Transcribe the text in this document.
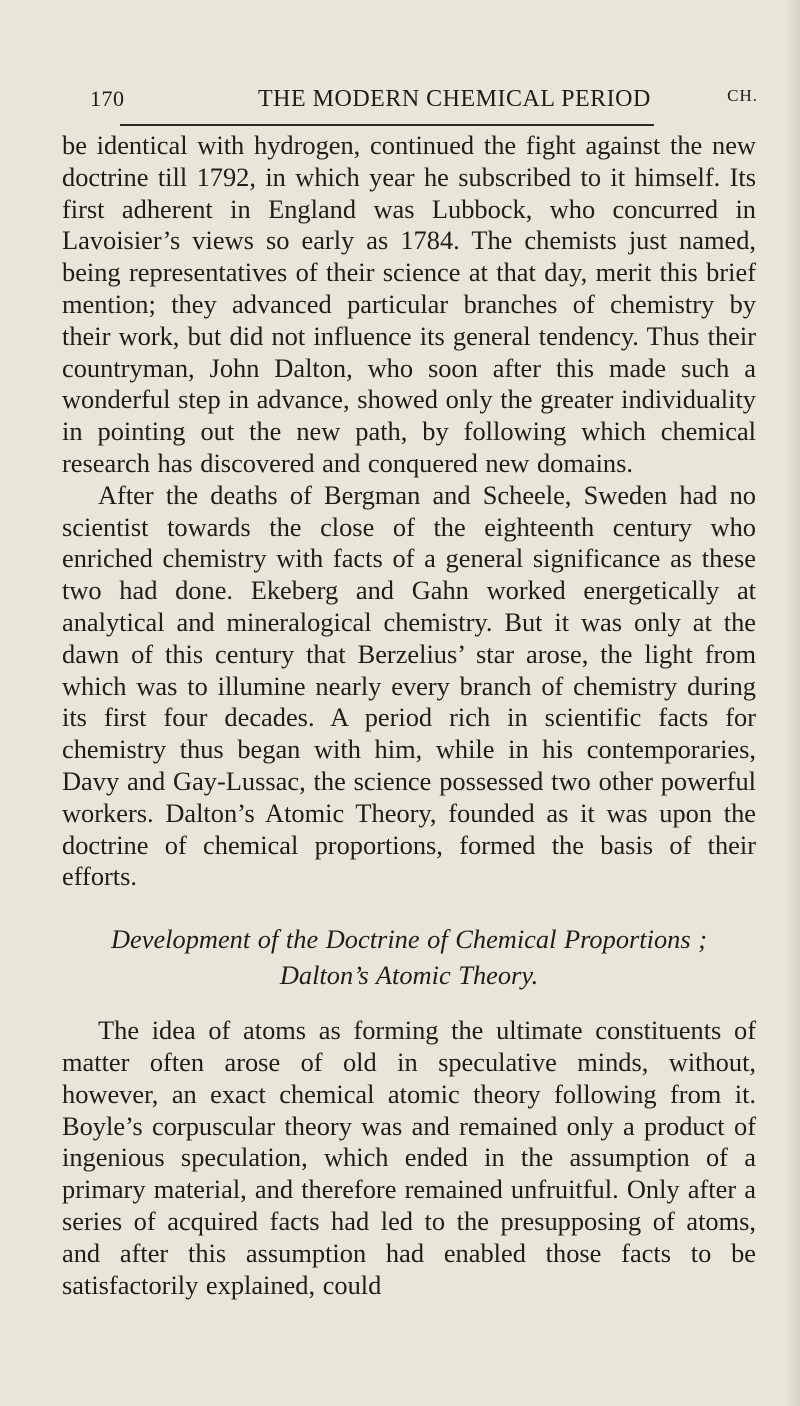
170	THE MODERN CHEMICAL PERIOD	CH.

be identical with hydrogen, continued the fight against the new doctrine till 1792, in which year he subscribed to it himself. Its first adherent in England was Lubbock, who concurred in Lavoisier’s views so early as 1784. The chemists just named, being representatives of their science at that day, merit this brief mention; they advanced particular branches of chemistry by their work, but did not influence its general tendency. Thus their countryman, John Dalton, who soon after this made such a wonderful step in advance, showed only the greater individuality in pointing out the new path, by following which chemical research has discovered and conquered new domains.

After the deaths of Bergman and Scheele, Sweden had no scientist towards the close of the eighteenth century who enriched chemistry with facts of a general significance as these two had done. Ekeberg and Gahn worked energetically at analytical and mineralogical chemistry. But it was only at the dawn of this century that Berzelius’ star arose, the light from which was to illumine nearly every branch of chemistry during its first four decades. A period rich in scientific facts for chemistry thus began with him, while in his contemporaries, Davy and Gay-Lussac, the science possessed two other powerful workers. Dalton’s Atomic Theory, founded as it was upon the doctrine of chemical proportions, formed the basis of their efforts.

Development of the Doctrine of Chemical Proportions ;
Dalton’s Atomic Theory.

The idea of atoms as forming the ultimate constituents of matter often arose of old in speculative minds, without, however, an exact chemical atomic theory following from it. Boyle’s corpuscular theory was and remained only a product of ingenious speculation, which ended in the assumption of a primary material, and therefore remained unfruitful. Only after a series of acquired facts had led to the presupposing of atoms, and after this assumption had enabled those facts to be satisfactorily explained, could
